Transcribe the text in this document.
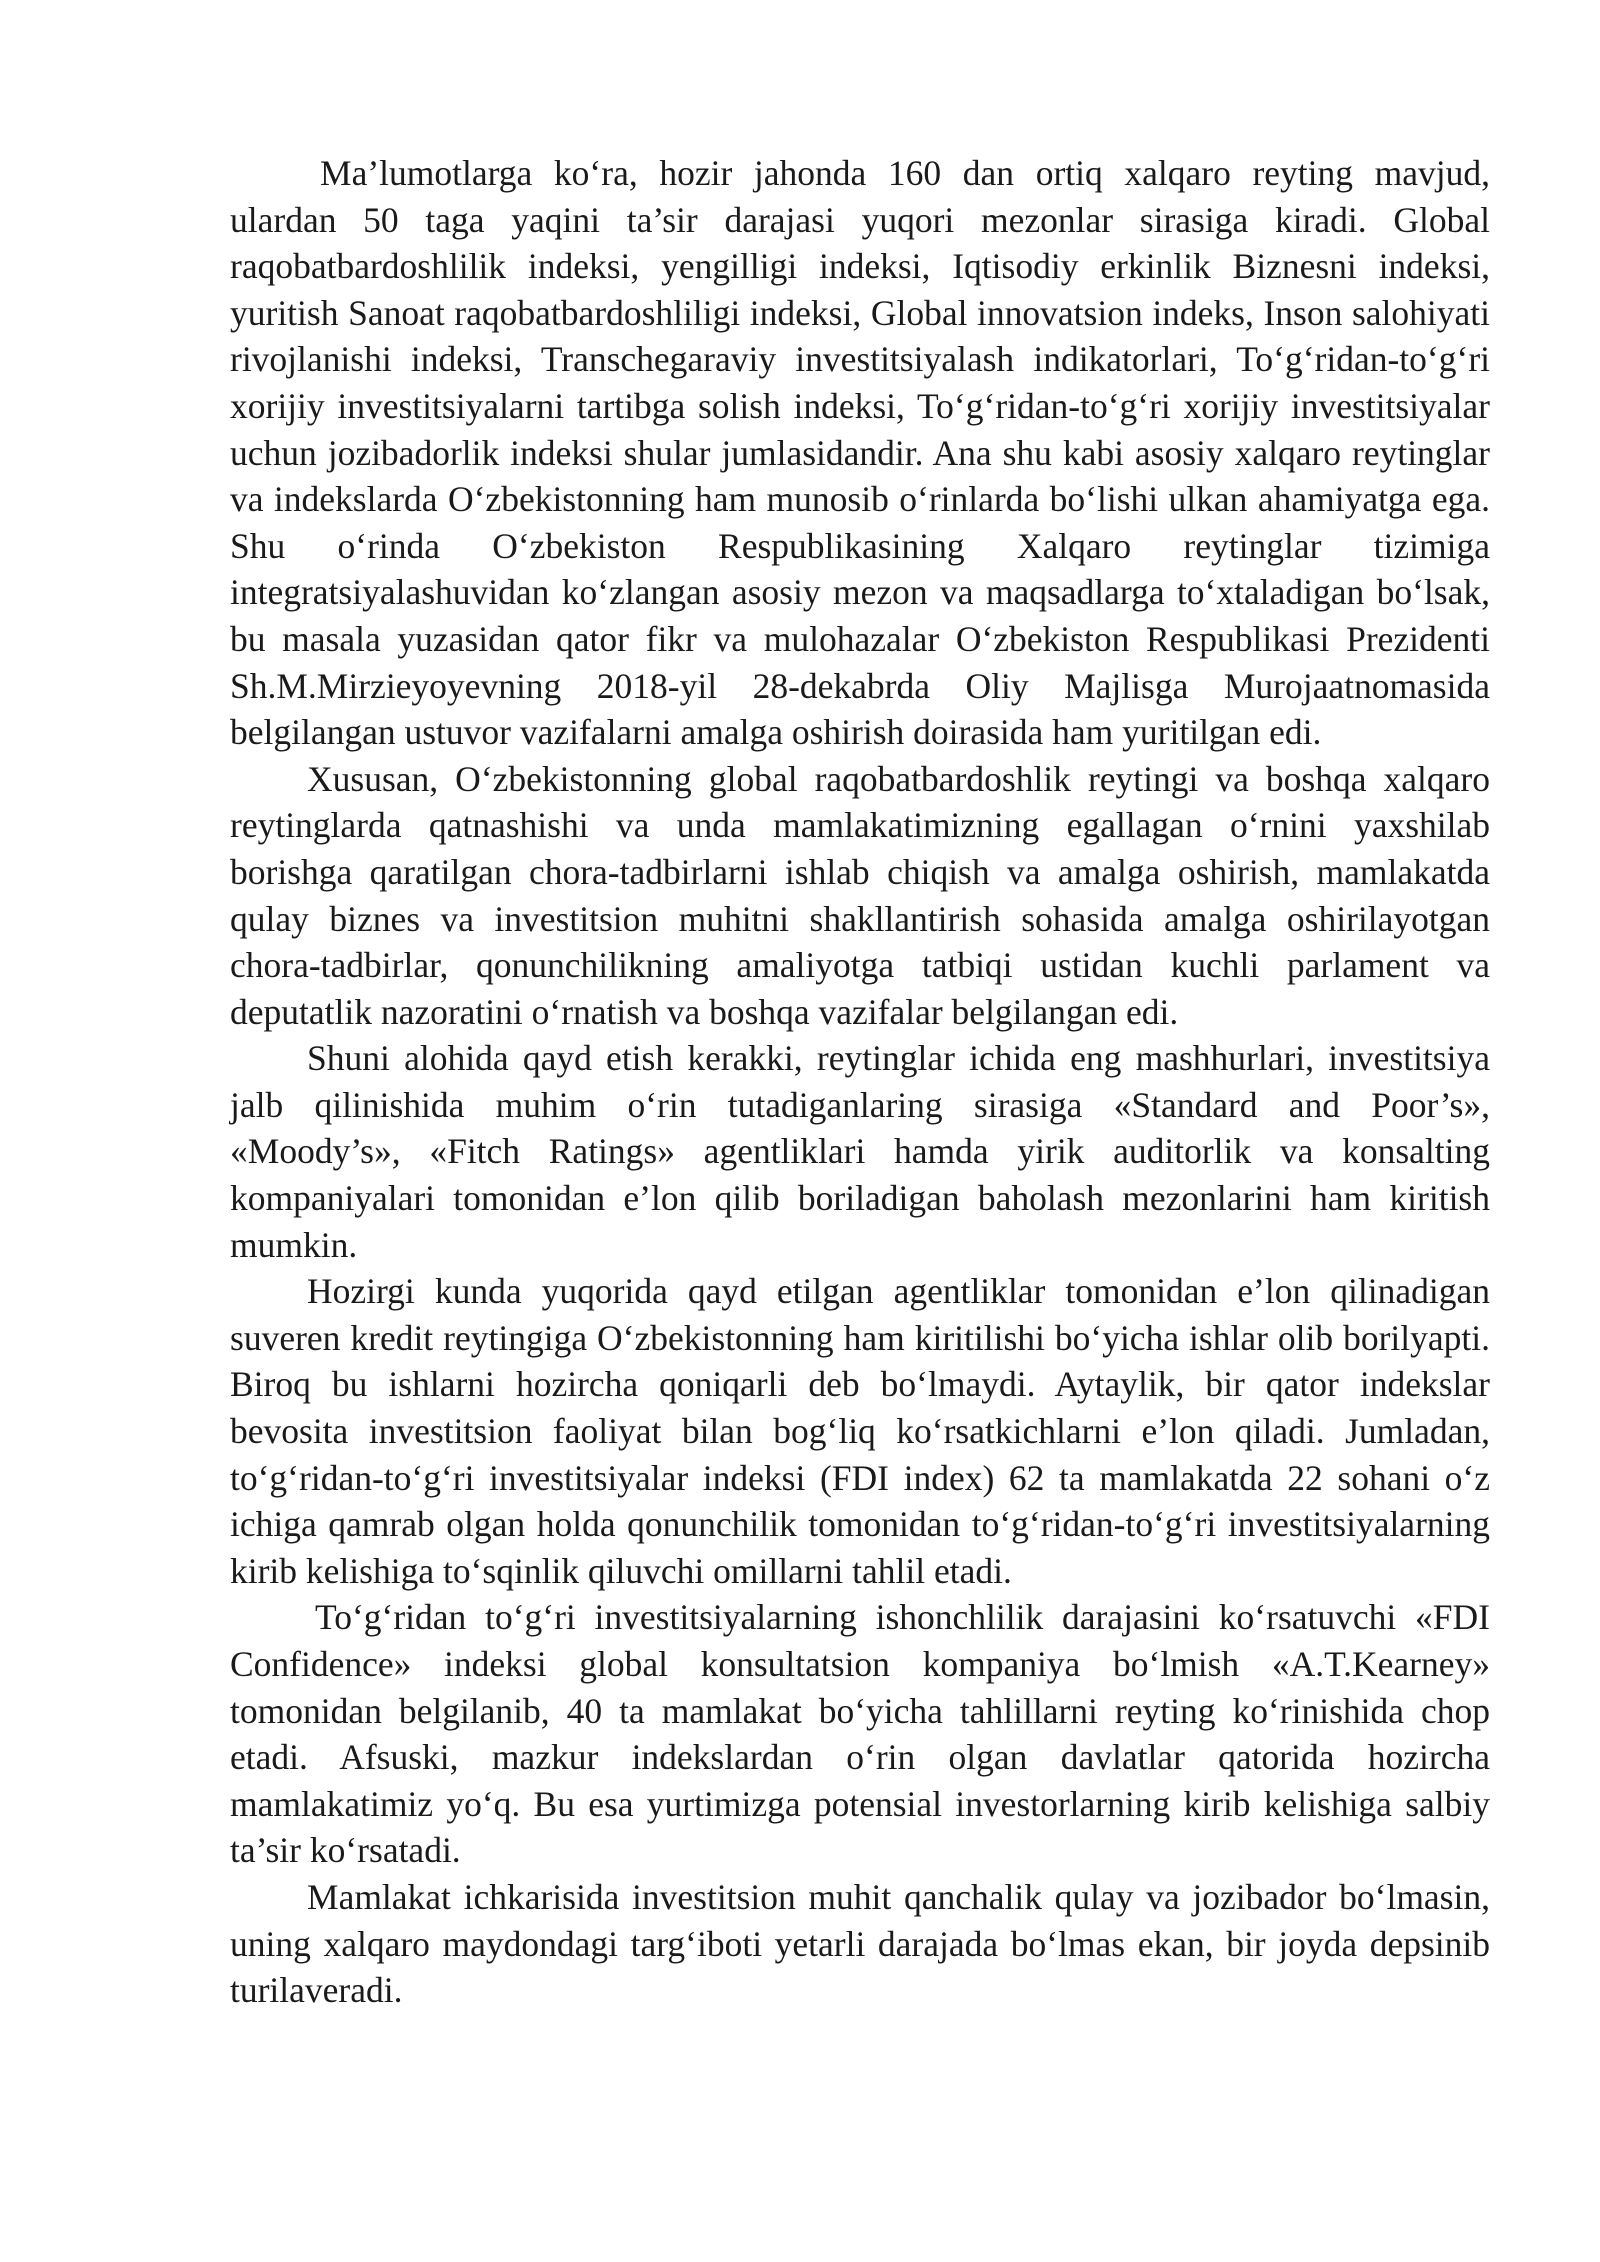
Ma’lumotlarga ko‘ra, hozir jahonda 160 dan ortiq xalqaro reyting mavjud, ulardan 50 taga yaqini ta’sir darajasi yuqori mezonlar sirasiga kiradi. Global raqobatbardoshlilik indeksi, yengilligi indeksi, Iqtisodiy erkinlik Biznesni indeksi, yuritish Sanoat raqobatbardoshliligi indeksi, Global innovatsion indeks, Inson salohiyati rivojlanishi indeksi, Transchegaraviy investitsiyalash indikatorlari, To‘g‘ridan-to‘g‘ri xorijiy investitsiyalarni tartibga solish indeksi, To‘g‘ridan-to‘g‘ri xorijiy investitsiyalar uchun jozibadorlik indeksi shular jumlasidandir. Ana shu kabi asosiy xalqaro reytinglar va indekslarda O‘zbekistonning ham munosib o‘rinlarda bo‘lishi ulkan ahamiyatga ega. Shu o‘rinda O‘zbekiston Respublikasining Xalqaro reytinglar tizimiga integratsiyalashuvidan ko‘zlangan asosiy mezon va maqsadlarga to‘xtaladigan bo‘lsak, bu masala yuzasidan qator fikr va mulohazalar O‘zbekiston Respublikasi Prezidenti Sh.M.Mirzieyoyevning 2018-yil 28-dekabrda Oliy Majlisga Murojaatnomasida belgilangan ustuvor vazifalarni amalga oshirish doirasida ham yuritilgan edi.

Xususan, O‘zbekistonning global raqobatbardoshlik reytingi va boshqa xalqaro reytinglarda qatnashishi va unda mamlakatimizning egallagan o‘rnini yaxshilab borishga qaratilgan chora-tadbirlarni ishlab chiqish va amalga oshirish, mamlakatda qulay biznes va investitsion muhitni shakllantirish sohasida amalga oshirilayotgan chora-tadbirlar, qonunchilikning amaliyotga tatbiqi ustidan kuchli parlament va deputatlik nazoratini o‘rnatish va boshqa vazifalar belgilangan edi.

Shuni alohida qayd etish kerakki, reytinglar ichida eng mashhurlari, investitsiya jalb qilinishida muhim o‘rin tutadiganlaring sirasiga «Standard and Poor’s», «Moody’s», «Fitch Ratings» agentliklari hamda yirik auditorlik va konsalting kompaniyalari tomonidan e’lon qilib boriladigan baholash mezonlarini ham kiritish mumkin.

Hozirgi kunda yuqorida qayd etilgan agentliklar tomonidan e’lon qilinadigan suveren kredit reytingiga O‘zbekistonning ham kiritilishi bo‘yicha ishlar olib borilyapti. Biroq bu ishlarni hozircha qoniqarli deb bo‘lmaydi. Aytaylik, bir qator indekslar bevosita investitsion faoliyat bilan bog‘liq ko‘rsatkichlarni e’lon qiladi. Jumladan, to‘g‘ridan-to‘g‘ri investitsiyalar indeksi (FDI index) 62 ta mamlakatda 22 sohani o‘z ichiga qamrab olgan holda qonunchilik tomonidan to‘g‘ridan-to‘g‘ri investitsiyalarning kirib kelishiga to‘sqinlik qiluvchi omillarni tahlil etadi.

To‘g‘ridan to‘g‘ri investitsiyalarning ishonchlilik darajasini ko‘rsatuvchi «FDI Confidence» indeksi global konsultatsion kompaniya bo‘lmish «A.T.Kearney» tomonidan belgilanib, 40 ta mamlakat bo‘yicha tahlillarni reyting ko‘rinishida chop etadi. Afsuski, mazkur indekslardan o‘rin olgan davlatlar qatorida hozircha mamlakatimiz yo‘q. Bu esa yurtimizga potensial investorlarning kirib kelishiga salbiy ta’sir ko‘rsatadi.

Mamlakat ichkarisida investitsion muhit qanchalik qulay va jozibador bo‘lmasin, uning xalqaro maydondagi targ‘iboti yetarli darajada bo‘lmas ekan, bir joyda depsinib turilaveradi.
